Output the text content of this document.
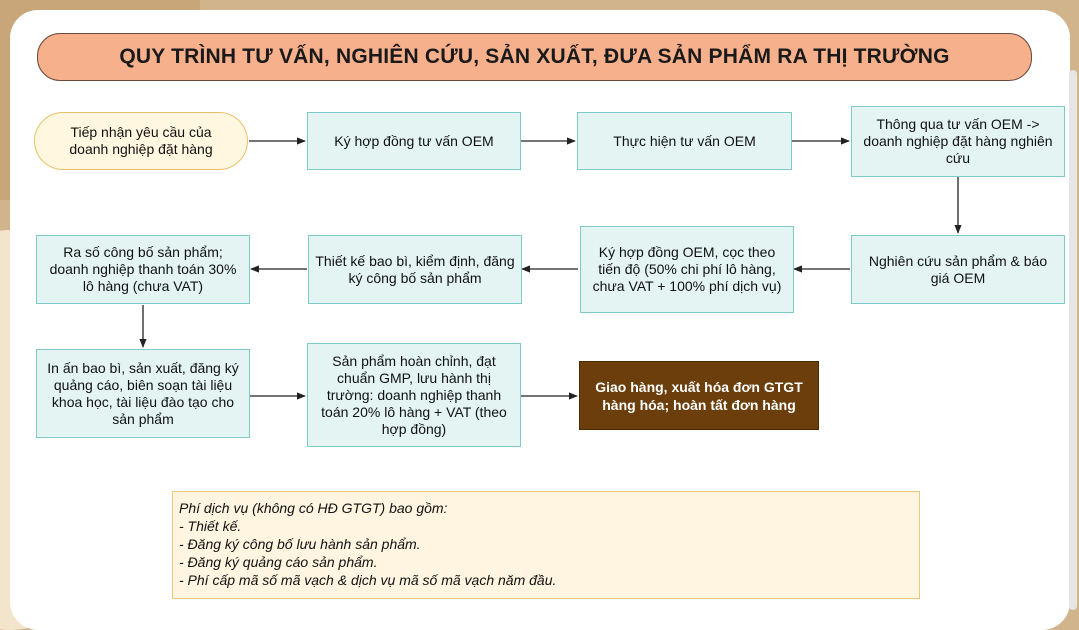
QUY TRÌNH TƯ VẤN, NGHIÊN CỨU, SẢN XUẤT, ĐƯA SẢN PHẨM RA THỊ TRƯỜNG
Tiếp nhận yêu cầu của doanh nghiệp đặt hàng
Ký hợp đồng tư vấn OEM	Thực hiện tư vấn OEM
Thông qua tư vấn OEM -> doanh nghiệp đặt hàng nghiên cứu
Nghiên cứu sản phẩm & báo giá OEM
Ký hợp đồng OEM, cọc theo tiến độ (50% chi phí lô hàng, chưa VAT + 100% phí dịch vụ)
Thiết kế bao bì, kiểm định, đăng ký công bố sản phẩm
Ra số công bố sản phẩm; doanh nghiệp thanh toán 30% lô hàng (chưa VAT)
In ấn bao bì, sản xuất, đăng ký quảng cáo, biên soạn tài liệu khoa học, tài liệu đào tạo cho sản phẩm
Sản phẩm hoàn chỉnh, đạt chuẩn GMP, lưu hành thị trường: doanh nghiệp thanh toán 20% lô hàng + VAT (theo hợp đồng)
Giao hàng, xuất hóa đơn GTGT hàng hóa; hoàn tất đơn hàng
Phí dịch vụ (không có HĐ GTGT) bao gồm:
- Thiết kế.
- Đăng ký công bố lưu hành sản phẩm.
- Đăng ký quảng cáo sản phẩm.
- Phí cấp mã số mã vạch & dịch vụ mã số mã vạch năm đầu.
